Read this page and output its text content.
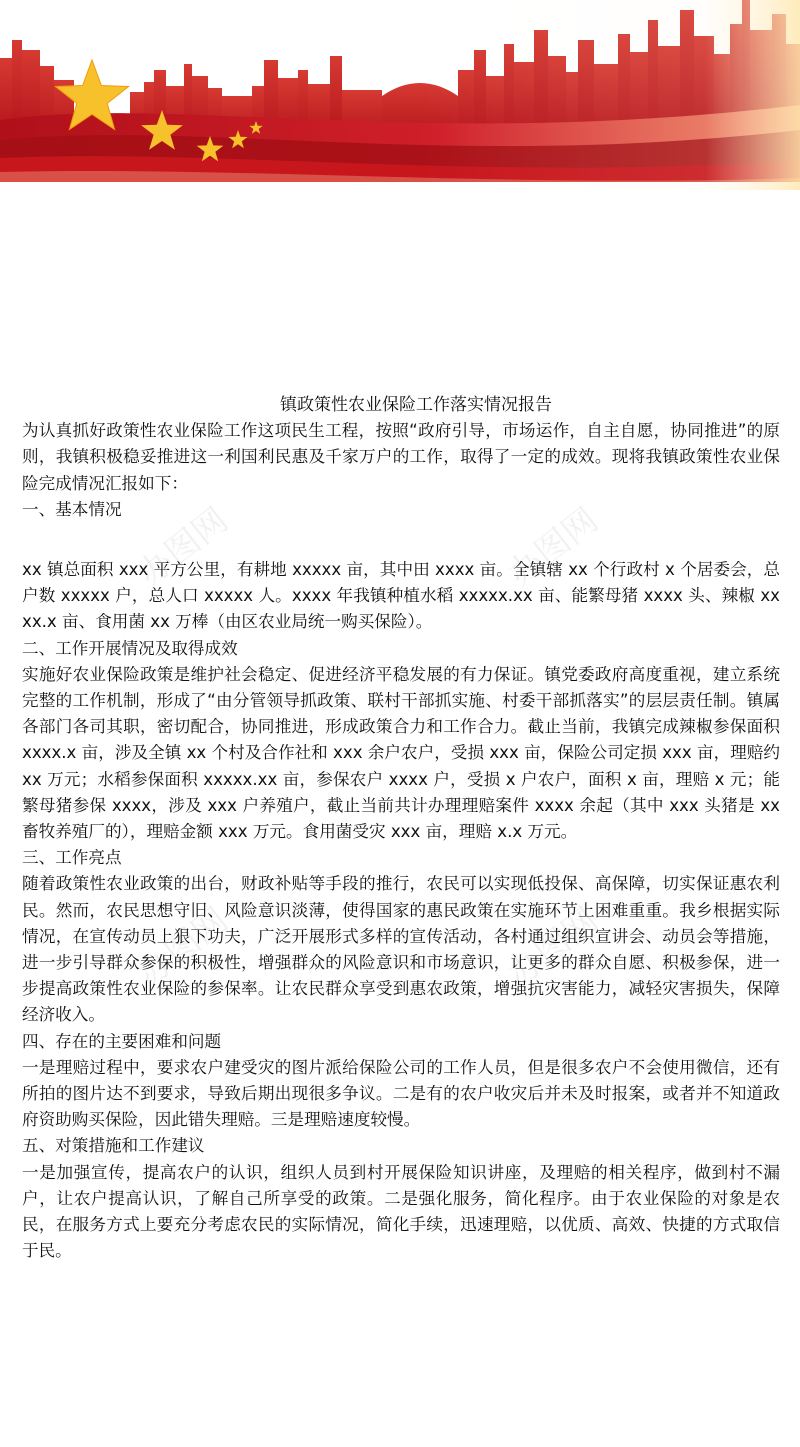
办图网	办图网
办图网	办图网

镇政策性农业保险工作落实情况报告

为认真抓好政策性农业保险工作这项民生工程，按照“政府引导，市场运作，自主自愿，协同推进”的原则，我镇积极稳妥推进这一利国利民惠及千家万户的工作，取得了一定的成效。现将我镇政策性农业保险完成情况汇报如下：

一、基本情况

xx 镇总面积 xxx 平方公里，有耕地 xxxxx 亩，其中田 xxxx 亩。全镇辖 xx 个行政村 x 个居委会，总户数 xxxxx 户，总人口 xxxxx 人。xxxx 年我镇种植水稻 xxxxx.xx 亩、能繁母猪 xxxx 头、辣椒 xxxx.x 亩、食用菌 xx 万棒（由区农业局统一购买保险）。

二、工作开展情况及取得成效

实施好农业保险政策是维护社会稳定、促进经济平稳发展的有力保证。镇党委政府高度重视，建立系统完整的工作机制，形成了“由分管领导抓政策、联村干部抓实施、村委干部抓落实”的层层责任制。镇属各部门各司其职，密切配合，协同推进，形成政策合力和工作合力。截止当前，我镇完成辣椒参保面积 xxxx.x 亩，涉及全镇 xx 个村及合作社和 xxx 余户农户，受损 xxx 亩，保险公司定损 xxx 亩，理赔约 xx 万元；水稻参保面积 xxxxx.xx 亩，参保农户 xxxx 户，受损 x 户农户，面积 x 亩，理赔 x 元；能繁母猪参保 xxxx，涉及 xxx 户养殖户，截止当前共计办理理赔案件 xxxx 余起（其中 xxx 头猪是 xx 畜牧养殖厂的），理赔金额 xxx 万元。食用菌受灾 xxx 亩，理赔 x.x 万元。

三、工作亮点

随着政策性农业政策的出台，财政补贴等手段的推行，农民可以实现低投保、高保障，切实保证惠农利民。然而，农民思想守旧、风险意识淡薄，使得国家的惠民政策在实施环节上困难重重。我乡根据实际情况，在宣传动员上狠下功夫，广泛开展形式多样的宣传活动，各村通过组织宣讲会、动员会等措施，进一步引导群众参保的积极性，增强群众的风险意识和市场意识，让更多的群众自愿、积极参保，进一步提高政策性农业保险的参保率。让农民群众享受到惠农政策，增强抗灾害能力，减轻灾害损失，保障经济收入。

四、存在的主要困难和问题

一是理赔过程中，要求农户建受灾的图片派给保险公司的工作人员，但是很多农户不会使用微信，还有所拍的图片达不到要求，导致后期出现很多争议。二是有的农户收灾后并未及时报案，或者并不知道政府资助购买保险，因此错失理赔。三是理赔速度较慢。

五、对策措施和工作建议

一是加强宣传，提高农户的认识，组织人员到村开展保险知识讲座，及理赔的相关程序，做到村不漏户，让农户提高认识，了解自己所享受的政策。二是强化服务，简化程序。由于农业保险的对象是农民，在服务方式上要充分考虑农民的实际情况，简化手续，迅速理赔，以优质、高效、快捷的方式取信于民。
